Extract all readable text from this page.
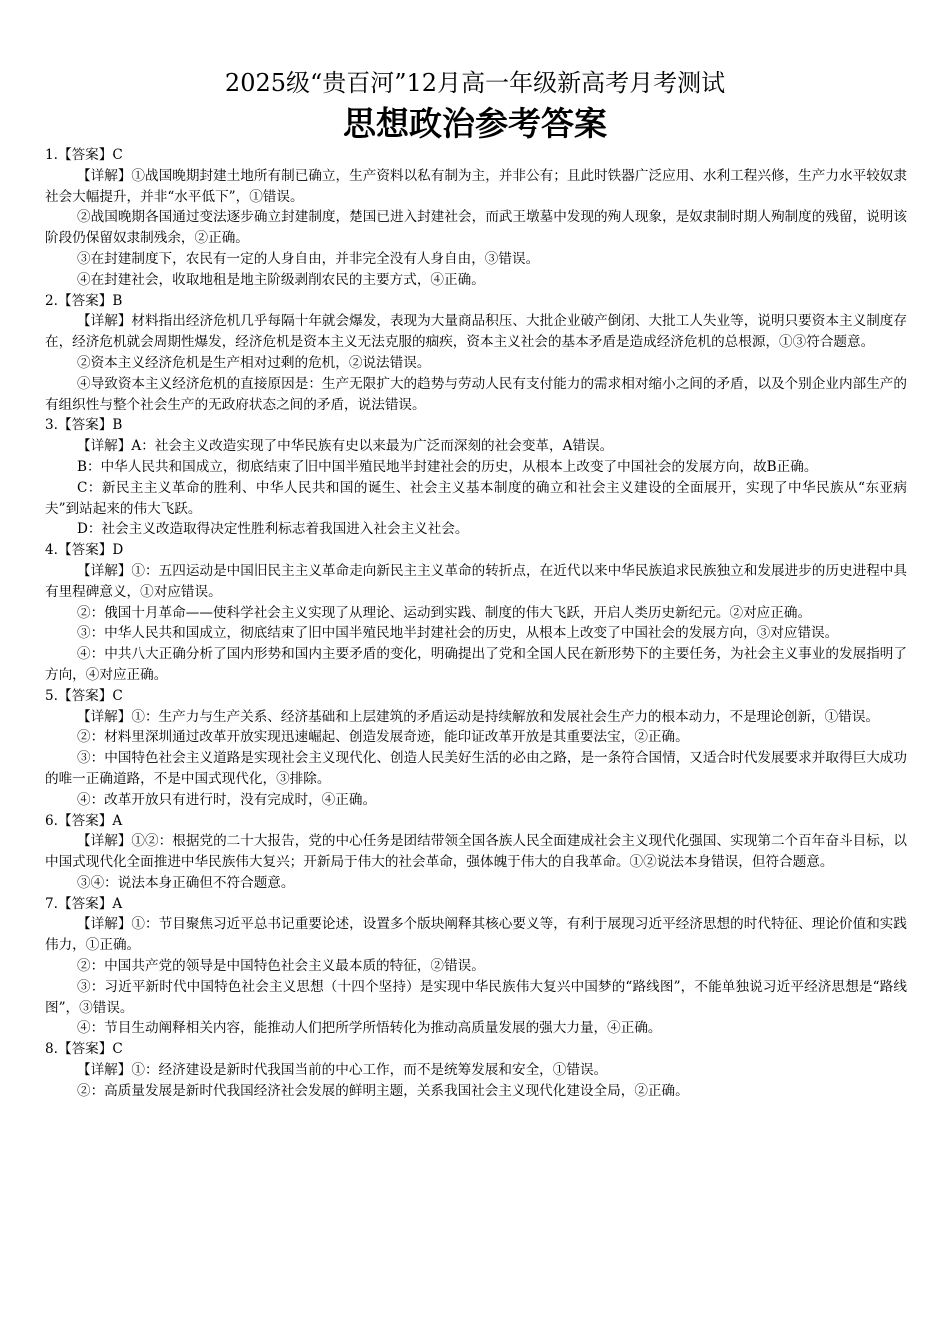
2025级“贵百河”12月高一年级新高考月考测试
思想政治参考答案

1.【答案】C

【详解】①战国晚期封建土地所有制已确立，生产资料以私有制为主，并非公有；且此时铁器广泛应用、水利工程兴修，生产力水平较奴隶社会大幅提升，并非“水平低下”，①错误。

②战国晚期各国通过变法逐步确立封建制度，楚国已进入封建社会，而武王墩墓中发现的殉人现象，是奴隶制时期人殉制度的残留，说明该阶段仍保留奴隶制残余，②正确。

③在封建制度下，农民有一定的人身自由，并非完全没有人身自由，③错误。

④在封建社会，收取地租是地主阶级剥削农民的主要方式，④正确。

2.【答案】B

【详解】材料指出经济危机几乎每隔十年就会爆发，表现为大量商品积压、大批企业破产倒闭、大批工人失业等，说明只要资本主义制度存在，经济危机就会周期性爆发，经济危机是资本主义无法克服的痼疾，资本主义社会的基本矛盾是造成经济危机的总根源，①③符合题意。

②资本主义经济危机是生产相对过剩的危机，②说法错误。

④导致资本主义经济危机的直接原因是：生产无限扩大的趋势与劳动人民有支付能力的需求相对缩小之间的矛盾，以及个别企业内部生产的有组织性与整个社会生产的无政府状态之间的矛盾，说法错误。

3.【答案】B

【详解】A：社会主义改造实现了中华民族有史以来最为广泛而深刻的社会变革，A错误。

B：中华人民共和国成立，彻底结束了旧中国半殖民地半封建社会的历史，从根本上改变了中国社会的发展方向，故B正确。

C：新民主主义革命的胜利、中华人民共和国的诞生、社会主义基本制度的确立和社会主义建设的全面展开，实现了中华民族从“东亚病夫”到站起来的伟大飞跃。

D：社会主义改造取得决定性胜利标志着我国进入社会主义社会。

4.【答案】D

【详解】①：五四运动是中国旧民主主义革命走向新民主主义革命的转折点，在近代以来中华民族追求民族独立和发展进步的历史进程中具有里程碑意义，①对应错误。

②：俄国十月革命——使科学社会主义实现了从理论、运动到实践、制度的伟大飞跃，开启人类历史新纪元。②对应正确。

③：中华人民共和国成立，彻底结束了旧中国半殖民地半封建社会的历史，从根本上改变了中国社会的发展方向，③对应错误。

④：中共八大正确分析了国内形势和国内主要矛盾的变化，明确提出了党和全国人民在新形势下的主要任务，为社会主义事业的发展指明了方向，④对应正确。

5.【答案】C

【详解】①：生产力与生产关系、经济基础和上层建筑的矛盾运动是持续解放和发展社会生产力的根本动力，不是理论创新，①错误。

②：材料里深圳通过改革开放实现迅速崛起、创造发展奇迹，能印证改革开放是其重要法宝，②正确。

③：中国特色社会主义道路是实现社会主义现代化、创造人民美好生活的必由之路，是一条符合国情，又适合时代发展要求并取得巨大成功的唯一正确道路，不是中国式现代化，③排除。

④：改革开放只有进行时，没有完成时，④正确。

6.【答案】A

【详解】①②：根据党的二十大报告，党的中心任务是团结带领全国各族人民全面建成社会主义现代化强国、实现第二个百年奋斗目标，以中国式现代化全面推进中华民族伟大复兴；开新局于伟大的社会革命，强体魄于伟大的自我革命。①②说法本身错误，但符合题意。

③④：说法本身正确但不符合题意。

7.【答案】A

【详解】①：节目聚焦习近平总书记重要论述，设置多个版块阐释其核心要义等，有利于展现习近平经济思想的时代特征、理论价值和实践伟力，①正确。

②：中国共产党的领导是中国特色社会主义最本质的特征，②错误。

③：习近平新时代中国特色社会主义思想（十四个坚持）是实现中华民族伟大复兴中国梦的“路线图”，不能单独说习近平经济思想是“路线图”，③错误。

④：节目生动阐释相关内容，能推动人们把所学所悟转化为推动高质量发展的强大力量，④正确。

8.【答案】C

【详解】①：经济建设是新时代我国当前的中心工作，而不是统筹发展和安全，①错误。

②：高质量发展是新时代我国经济社会发展的鲜明主题，关系我国社会主义现代化建设全局，②正确。
